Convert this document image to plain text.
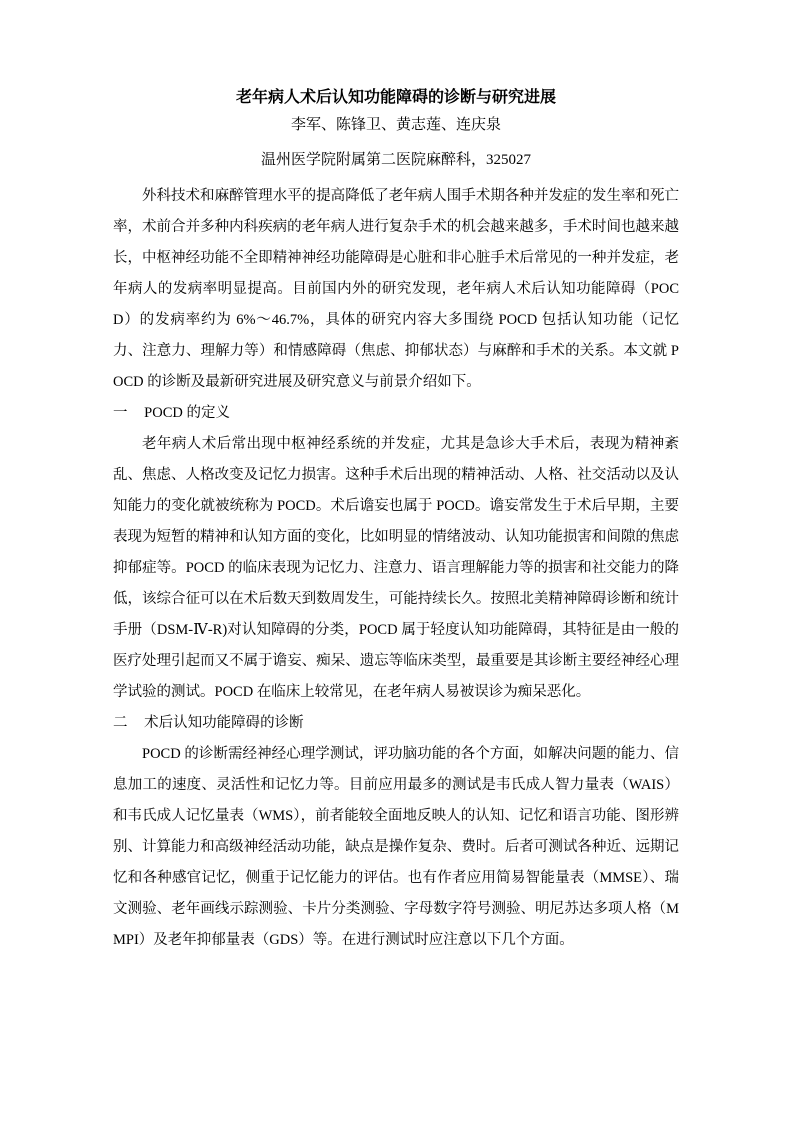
老年病人术后认知功能障碍的诊断与研究进展
李军、陈锋卫、黄志莲、连庆泉
温州医学院附属第二医院麻醉科，325027

外科技术和麻醉管理水平的提高降低了老年病人围手术期各种并发症的发生率和死亡率，术前合并多种内科疾病的老年病人进行复杂手术的机会越来越多，手术时间也越来越长，中枢神经功能不全即精神神经功能障碍是心脏和非心脏手术后常见的一种并发症，老年病人的发病率明显提高。目前国内外的研究发现，老年病人术后认知功能障碍（POCD）的发病率约为 6%～46.7%，具体的研究内容大多围绕 POCD 包括认知功能（记忆力、注意力、理解力等）和情感障碍（焦虑、抑郁状态）与麻醉和手术的关系。本文就 POCD 的诊断及最新研究进展及研究意义与前景介绍如下。

一 POCD 的定义

老年病人术后常出现中枢神经系统的并发症，尤其是急诊大手术后，表现为精神紊乱、焦虑、人格改变及记忆力损害。这种手术后出现的精神活动、人格、社交活动以及认知能力的变化就被统称为 POCD。术后谵妄也属于 POCD。谵妄常发生于术后早期，主要表现为短暂的精神和认知方面的变化，比如明显的情绪波动、认知功能损害和间隙的焦虑抑郁症等。POCD 的临床表现为记忆力、注意力、语言理解能力等的损害和社交能力的降低，该综合征可以在术后数天到数周发生，可能持续长久。按照北美精神障碍诊断和统计手册（DSM-Ⅳ-R)对认知障碍的分类，POCD 属于轻度认知功能障碍，其特征是由一般的医疗处理引起而又不属于谵妄、痴呆、遗忘等临床类型，最重要是其诊断主要经神经心理学试验的测试。POCD 在临床上较常见，在老年病人易被误诊为痴呆恶化。

二 术后认知功能障碍的诊断

POCD 的诊断需经神经心理学测试，评功脑功能的各个方面，如解决问题的能力、信息加工的速度、灵活性和记忆力等。目前应用最多的测试是韦氏成人智力量表（WAIS）和韦氏成人记忆量表（WMS），前者能较全面地反映人的认知、记忆和语言功能、图形辨别、计算能力和高级神经活动功能，缺点是操作复杂、费时。后者可测试各种近、远期记忆和各种感官记忆，侧重于记忆能力的评估。也有作者应用简易智能量表（MMSE）、瑞文测验、老年画线示踪测验、卡片分类测验、字母数字符号测验、明尼苏达多项人格（MMPI）及老年抑郁量表（GDS）等。在进行测试时应注意以下几个方面。
